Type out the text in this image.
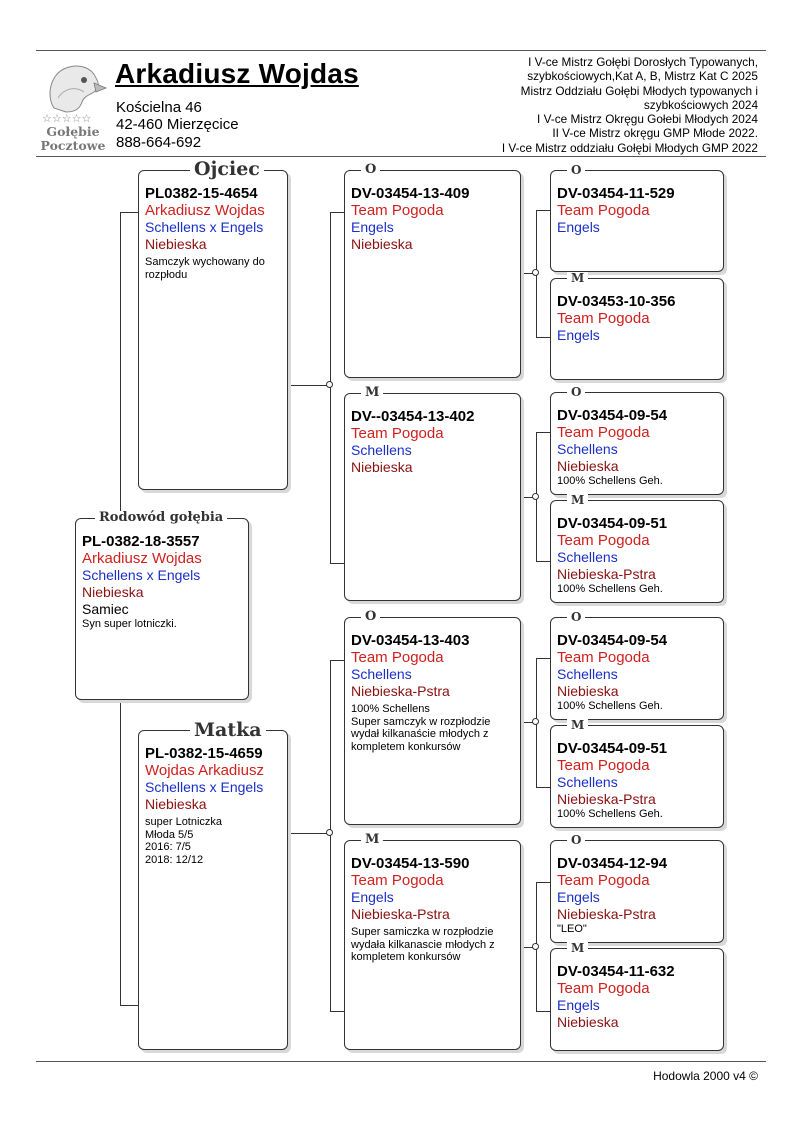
☆☆☆☆☆
Gołębie
Pocztowe
Arkadiusz Wojdas
Kościelna 46
42-460 Mierzęcice
888-664-692
I V-ce Mistrz Gołębi Dorosłych Typowanych,
szybkościowych,Kat A, B, Mistrz Kat C 2025
Mistrz Oddziału Gołębi Młodych typowanych i
szybkościowych 2024
I V-ce Mistrz Okręgu Gołebi Młodych 2024
II V-ce Mistrz okręgu GMP Młode 2022.
I V-ce Mistrz oddziału Gołębi Młodych GMP 2022
PL-0382-18-3557
Arkadiusz Wojdas
Schellens x Engels
Niebieska
Samiec
Syn super lotniczki.
Rodowód gołębia
PL0382-15-4654
Arkadiusz Wojdas
Schellens x Engels
Niebieska
Samczyk wychowany do
rozpłodu
Ojciec
PL-0382-15-4659
Wojdas Arkadiusz
Schellens x Engels
Niebieska
super Lotniczka
Młoda 5/5
2016: 7/5
2018: 12/12
Matka
DV-03454-13-409
Team Pogoda
Engels
Niebieska
O
DV--03454-13-402
Team Pogoda
Schellens
Niebieska
M
DV-03454-13-403
Team Pogoda
Schellens
Niebieska-Pstra
100% Schellens
Super samczyk w rozpłodzie
wydał kilkanaście młodych z
kompletem konkursów
O
DV-03454-13-590
Team Pogoda
Engels
Niebieska-Pstra
Super samiczka w rozpłodzie
wydała kilkanascie młodych z
kompletem konkursów
M
DV-03454-11-529
Team Pogoda
Engels
O
DV-03453-10-356
Team Pogoda
Engels
M
DV-03454-09-54
Team Pogoda
Schellens
Niebieska
100% Schellens Geh.
O
DV-03454-09-51
Team Pogoda
Schellens
Niebieska-Pstra
100% Schellens Geh.
M
DV-03454-09-54
Team Pogoda
Schellens
Niebieska
100% Schellens Geh.
O
DV-03454-09-51
Team Pogoda
Schellens
Niebieska-Pstra
100% Schellens Geh.
M
DV-03454-12-94
Team Pogoda
Engels
Niebieska-Pstra
"LEO"
O
DV-03454-11-632
Team Pogoda
Engels
Niebieska
M
Hodowla 2000 v4 ©
